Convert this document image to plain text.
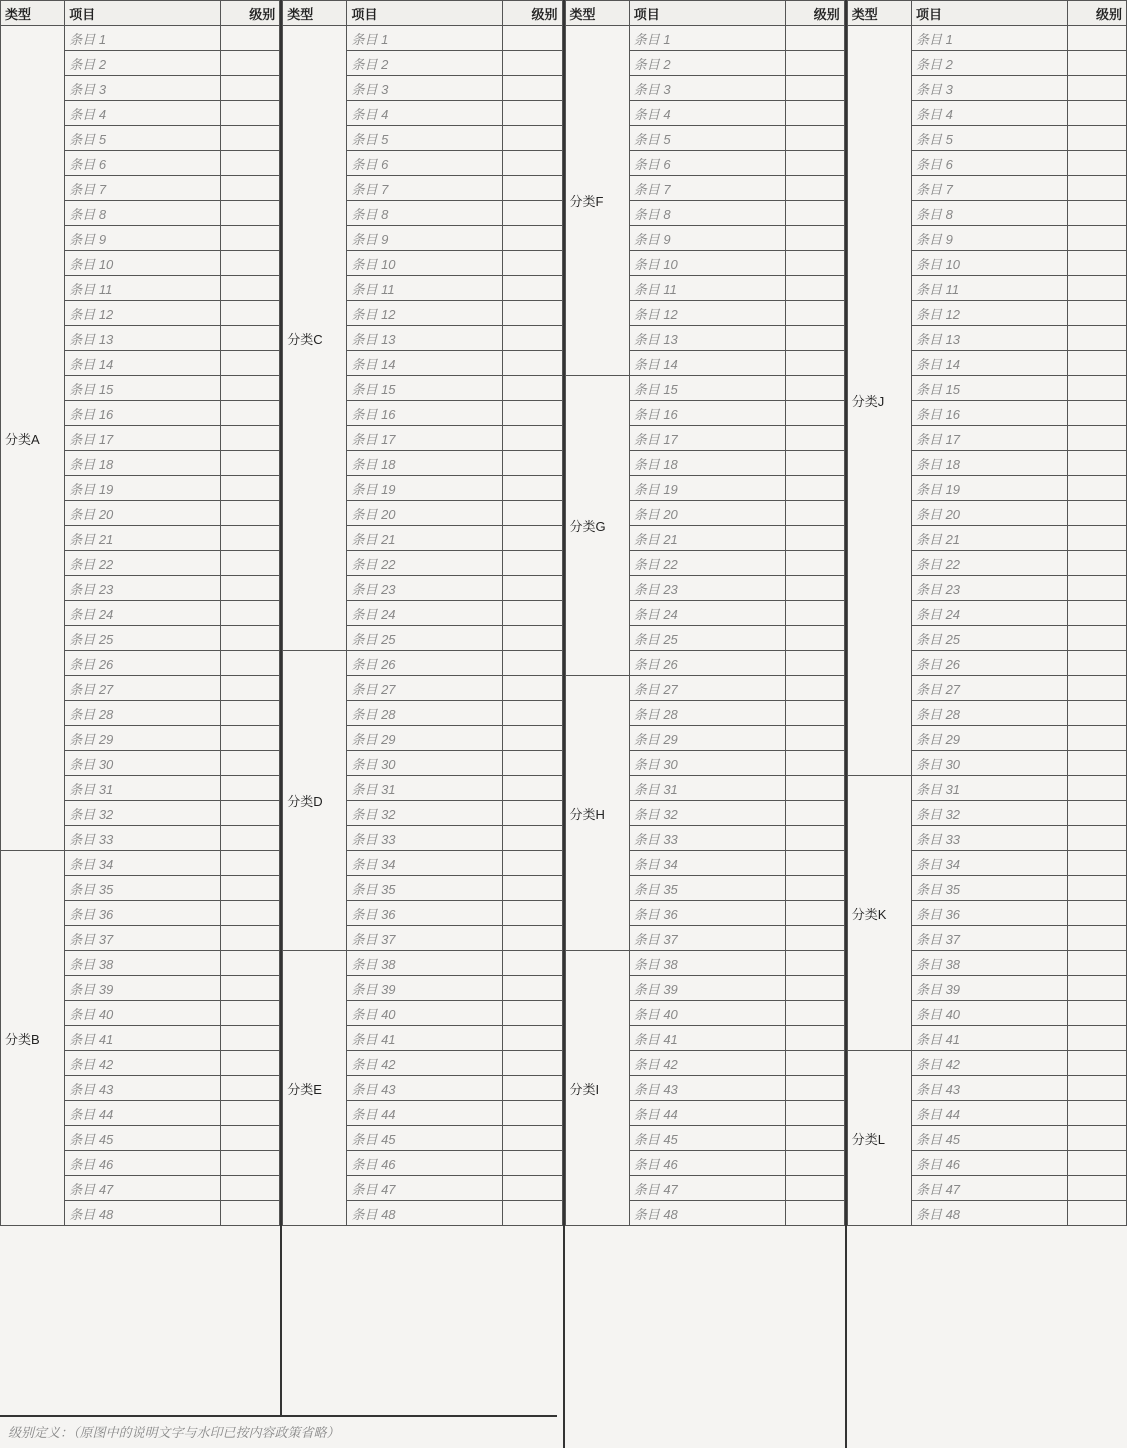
类型	项目	级别
分类A	条目 1	
	条目 2	
	条目 3	
	条目 4	
	条目 5	
	条目 6	
	条目 7	
	条目 8	
	条目 9	
	条目 10	
	条目 11	
	条目 12	
	条目 13	
	条目 14	
	条目 15	
	条目 16	
	条目 17	
	条目 18	
	条目 19	
	条目 20	
	条目 21	
	条目 22	
	条目 23	
	条目 24	
	条目 25	
	条目 26	
	条目 27	
	条目 28	
	条目 29	
	条目 30	
	条目 31	
	条目 32	
	条目 33	
分类B	条目 34	
	条目 35	
	条目 36	
	条目 37	
	条目 38	
	条目 39	
	条目 40	
	条目 41	
	条目 42	
	条目 43	
	条目 44	
	条目 45	
	条目 46	
	条目 47	
	条目 48	
类型	项目	级别
分类C	条目 1	
	条目 2	
	条目 3	
	条目 4	
	条目 5	
	条目 6	
	条目 7	
	条目 8	
	条目 9	
	条目 10	
	条目 11	
	条目 12	
	条目 13	
	条目 14	
	条目 15	
	条目 16	
	条目 17	
	条目 18	
	条目 19	
	条目 20	
	条目 21	
	条目 22	
	条目 23	
	条目 24	
	条目 25	
分类D	条目 26	
	条目 27	
	条目 28	
	条目 29	
	条目 30	
	条目 31	
	条目 32	
	条目 33	
	条目 34	
	条目 35	
	条目 36	
	条目 37	
分类E	条目 38	
	条目 39	
	条目 40	
	条目 41	
	条目 42	
	条目 43	
	条目 44	
	条目 45	
	条目 46	
	条目 47	
	条目 48	
类型	项目	级别
分类F	条目 1	
	条目 2	
	条目 3	
	条目 4	
	条目 5	
	条目 6	
	条目 7	
	条目 8	
	条目 9	
	条目 10	
	条目 11	
	条目 12	
	条目 13	
	条目 14	
分类G	条目 15	
	条目 16	
	条目 17	
	条目 18	
	条目 19	
	条目 20	
	条目 21	
	条目 22	
	条目 23	
	条目 24	
	条目 25	
	条目 26	
分类H	条目 27	
	条目 28	
	条目 29	
	条目 30	
	条目 31	
	条目 32	
	条目 33	
	条目 34	
	条目 35	
	条目 36	
	条目 37	
分类I	条目 38	
	条目 39	
	条目 40	
	条目 41	
	条目 42	
	条目 43	
	条目 44	
	条目 45	
	条目 46	
	条目 47	
	条目 48	
类型	项目	级别
分类J	条目 1	
	条目 2	
	条目 3	
	条目 4	
	条目 5	
	条目 6	
	条目 7	
	条目 8	
	条目 9	
	条目 10	
	条目 11	
	条目 12	
	条目 13	
	条目 14	
	条目 15	
	条目 16	
	条目 17	
	条目 18	
	条目 19	
	条目 20	
	条目 21	
	条目 22	
	条目 23	
	条目 24	
	条目 25	
	条目 26	
	条目 27	
	条目 28	
	条目 29	
	条目 30	
分类K	条目 31	
	条目 32	
	条目 33	
	条目 34	
	条目 35	
	条目 36	
	条目 37	
	条目 38	
	条目 39	
	条目 40	
	条目 41	
分类L	条目 42	
	条目 43	
	条目 44	
	条目 45	
	条目 46	
	条目 47	
	条目 48	
级别定义：（原图中的说明文字与水印已按内容政策省略）
